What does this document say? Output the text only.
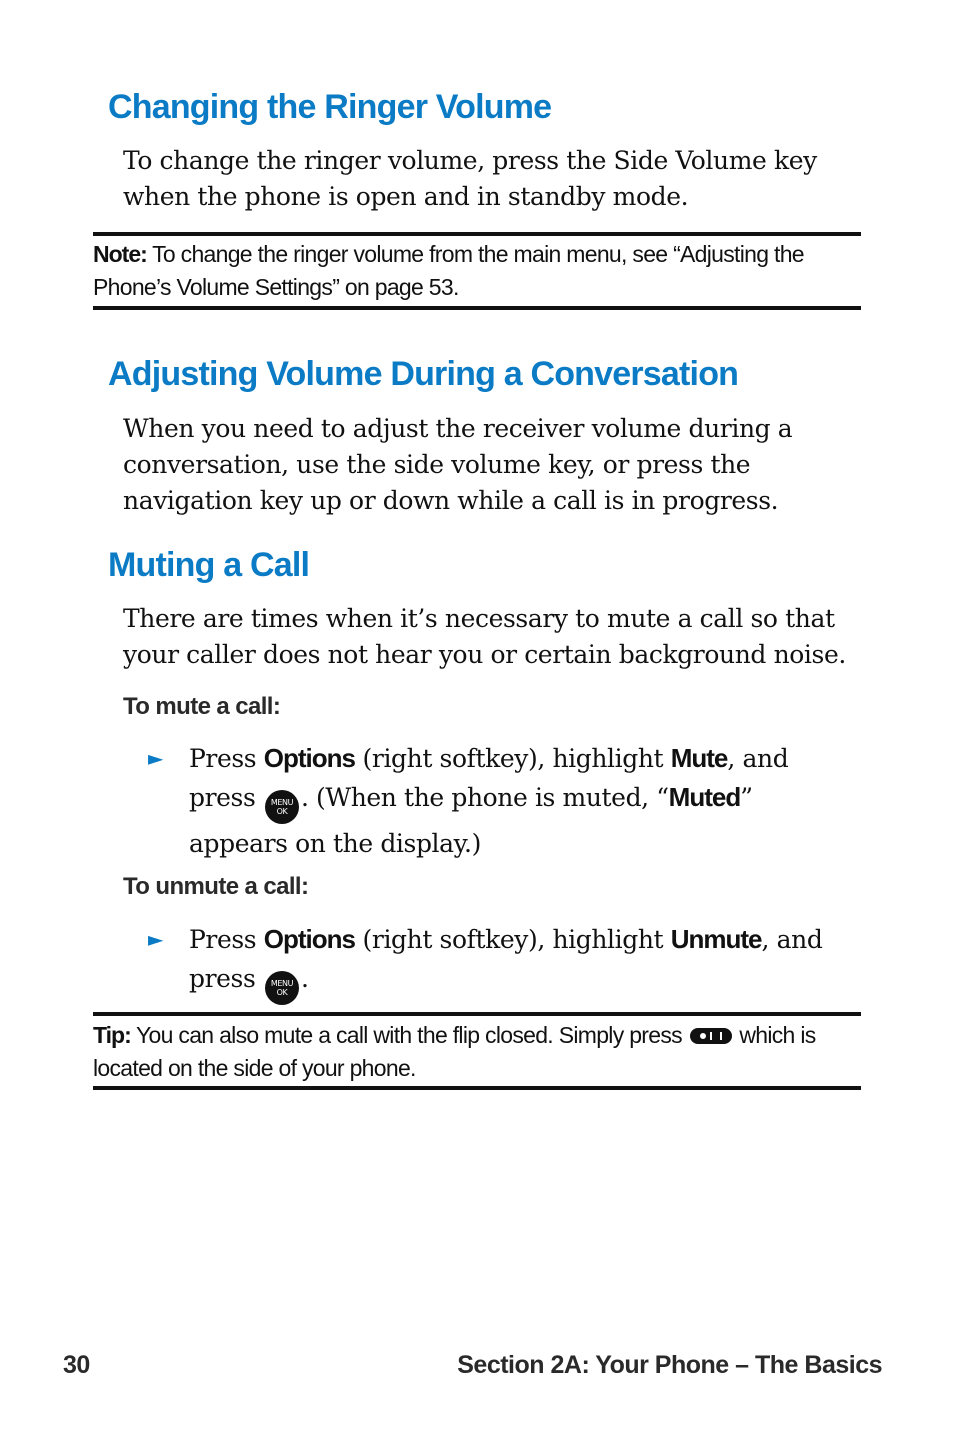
Changing the Ringer Volume

To change the ringer volume, press the Side Volume key when the phone is open and in standby mode.

Note: To change the ringer volume from the main menu, see “Adjusting the Phone’s Volume Settings” on page 53.
Adjusting Volume During a Conversation

When you need to adjust the receiver volume during a conversation, use the side volume key, or press the navigation key up or down while a call is in progress.

Muting a Call

There are times when it’s necessary to mute a call so that your caller does not hear you or certain background noise.

To mute a call:
► Press Options (right softkey), highlight Mute, and press MENU
OK . (When the phone is muted, “Muted” appears on the display.)
To unmute a call:
► Press Options (right softkey), highlight Unmute, and press MENU
OK .
Tip: You can also mute a call with the flip closed. Simply press which is located on the side of your phone.

30	Section 2A: Your Phone – The Basics
